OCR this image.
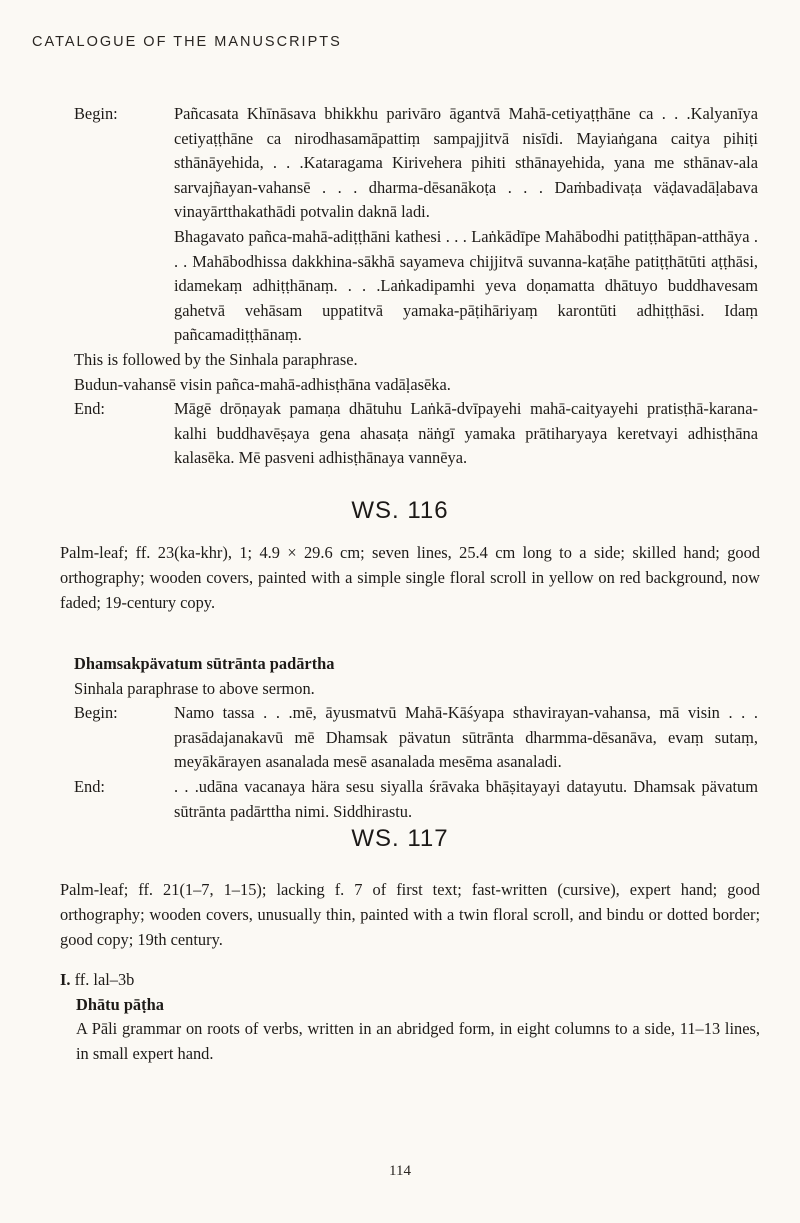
CATALOGUE OF THE MANUSCRIPTS
Begin:	Pañcasata Khīnāsava bhikkhu parivāro āgantvā Mahā-cetiyaṭṭhāne ca . . .Kalyanīya cetiyaṭṭhāne ca nirodhasamāpattiṃ sampajjitvā nisīdi. Mayiaṅgana caitya pihiṭi sthānāyehida, . . .Kataragama Kirivehera pihiti sthānayehida, yana me sthānav-ala sarvajñayan-vahansē . . . dharma-dēsanākoṭa . . . Daṁbadivaṭa väḍavadāḷabava vinayārtthakathādi potvalin daknā ladi.
Bhagavato pañca-mahā-adiṭṭhāni kathesi . . . Laṅkādīpe Mahābodhi patiṭṭhāpan-atthāya . . . Mahābodhissa dakkhina-sākhā sayameva chijjitvā suvanna-kaṭāhe patiṭṭhātūti aṭṭhāsi, idamekaṃ adhiṭṭhānaṃ. . . .Laṅkadipamhi yeva doṇamatta dhātuyo buddhavesam gahetvā vehāsam uppatitvā yamaka-pāṭihāriyaṃ karontūti adhiṭṭhāsi. Idaṃ pañcamadiṭṭhānaṃ.
This is followed by the Sinhala paraphrase.
Budun-vahansē visin pañca-mahā-adhisṭhāna vadāḷasēka.
End:	Māgē drōṇayak pamaṇa dhātuhu Laṅkā-dvīpayehi mahā-caityayehi pratisṭhā-karana-kalhi buddhavēṣaya gena ahasaṭa näṅgī yamaka prātiharyaya keretvayi adhisṭhāna kalasēka. Mē pasveni adhisṭhānaya vannēya.
WS. 116
Palm-leaf; ff. 23(ka-khr), 1; 4.9 × 29.6 cm; seven lines, 25.4 cm long to a side; skilled hand; good orthography; wooden covers, painted with a simple single floral scroll in yellow on red background, now faded; 19-century copy.
Dhamsakpävatum sūtrānta padārtha
Sinhala paraphrase to above sermon.
Begin:	Namo tassa . . .mē, āyusmatvū Mahā-Kāśyapa sthavirayan-vahansa, mā visin . . . prasādajanakavū mē Dhamsak pävatun sūtrānta dharmma-dēsanāva, evaṃ sutaṃ, meyākārayen asanalada mesē asanalada mesēma asanaladi.
End:	. . .udāna vacanaya hära sesu siyalla śrāvaka bhāṣitayayi datayutu. Dhamsak pävatum sūtrānta padārttha nimi. Siddhirastu.
WS. 117
Palm-leaf; ff. 21(1–7, 1–15); lacking f. 7 of first text; fast-written (cursive), expert hand; good orthography; wooden covers, unusually thin, painted with a twin floral scroll, and bindu or dotted border; good copy; 19th century.
I. ff. lal–3b
Dhātu pāṭha
A Pāli grammar on roots of verbs, written in an abridged form, in eight columns to a side, 11–13 lines, in small expert hand.
114
